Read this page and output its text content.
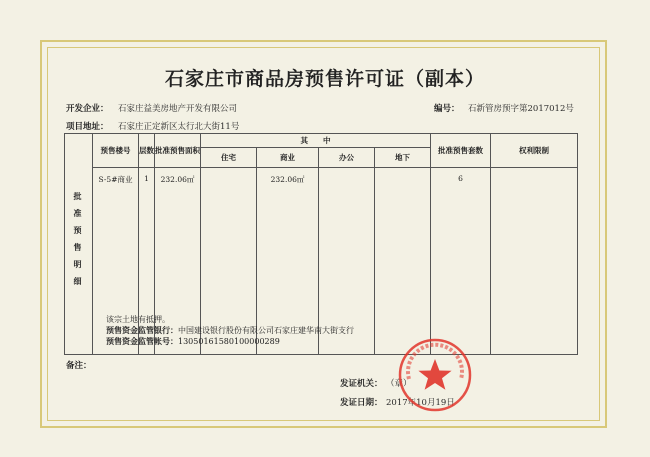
石家庄市商品房预售许可证（副本）
开发企业： 石家庄益美房地产开发有限公司	编号： 石新管房预字第2017012号
项目地址： 石家庄正定新区太行北大街11号
批准预售明细	预售楼号	层数	批准预售面积	其　　中				批准预售套数	权利限制
				住宅	商业	办公	地下		
	S-5#商业	1	232.06㎡		232.06㎡			6	
该宗土地有抵押。
预售资金监管银行：中国建设银行股份有限公司石家庄建华南大街支行
预售资金监管帐号：13050161580100000289
备注：
发证机关： （章）
发证日期： 2017年10月19日
